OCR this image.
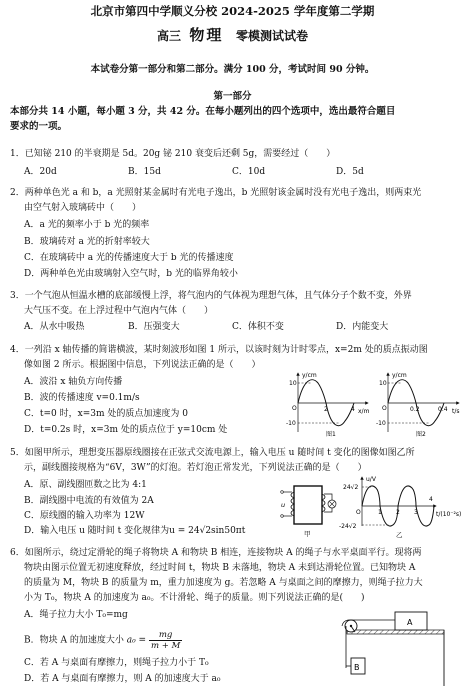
北京市第四中学顺义分校 2024-2025 学年度第二学期
高三 物理 零模测试试卷
本试卷分第一部分和第二部分。满分 100 分，考试时间 90 分钟。
第一部分
本部分共 14 小题，每小题 3 分，共 42 分。在每小题列出的四个选项中，选出最符合题目
要求的一项。
1．已知铋 210 的半衰期是 5d。20g 铋 210 衰变后还剩 5g，需要经过（　　）
A．20d	B．15d	C．10d	D．5d
2．两种单色光 a 和 b，a 光照射某金属时有光电子逸出，b 光照射该金属时没有光电子逸出，则两束光
由空气射入玻璃砖中（　　）
A．a 光的频率小于 b 光的频率
B．玻璃砖对 a 光的折射率较大
C．在玻璃砖中 a 光的传播速度大于 b 光的传播速度
D．两种单色光由玻璃射入空气时，b 光的临界角较小
3．一个气泡从恒温水槽的底部缓慢上浮，将气泡内的气体视为理想气体，且气体分子个数不变，外界
大气压不变。在上浮过程中气泡内气体（　　）
A．从水中吸热	B．压强变大	C．体积不变	D．内能变大
4．一列沿 x 轴传播的简谐横波，某时刻波形如图 1 所示，以该时刻为计时零点，x=2m 处的质点振动图
像如图 2 所示。根据图中信息，下列说法正确的是（　　）
A．波沿 x 轴负方向传播
B．波的传播速度 v=0.1m/s
C．t=0 时，x=3m 处的质点加速度为 0
D．t=0.2s 时，x=3m 处的质点位于 y=10cm 处
y/cm
x/m
10
-10
O	2	4
图1
y/cm
t/s
10
-10
O	0.2	0.4
图2
5．如图甲所示，理想变压器原线圈接在正弦式交流电源上，输入电压 u 随时间 t 变化的图像如图乙所
示，副线圈接规格为“6V，3W”的灯泡。若灯泡正常发光，下列说法正确的是（　　）
A．原、副线圈匝数之比为 4:1
B．副线圈中电流的有效值为 2A
C．原线圈的输入功率为 12W
D．输入电压 u 随时间 t 变化规律为u = 24√2sin50πt
u
甲
u/V
t/(10⁻²s)
24√2
-24√2
O	1 2 3
4
乙
6．如图所示，绕过定滑轮的绳子将物块 A 和物块 B 相连，连接物块 A 的绳子与水平桌面平行。现将两
物块由图示位置无初速度释放，经过时间 t，物块 B 未落地，物块 A 未到达滑轮位置。已知物块 A
的质量为 M，物块 B 的质量为 m，重力加速度为 g。若忽略 A 与桌面之间的摩擦力，则绳子拉力大
小为 T₀，物块 A 的加速度为 a₀。不计滑轮、绳子的质量。则下列说法正确的是(　　)
A．绳子拉力大小 T₀=mg
B．物块 A 的加速度大小 $a_0 = \frac{mg}{m + M}$
C．若 A 与桌面有摩擦力，则绳子拉力小于 T₀
D．若 A 与桌面有摩擦力，则 A 的加速度大于 a₀
A
B
